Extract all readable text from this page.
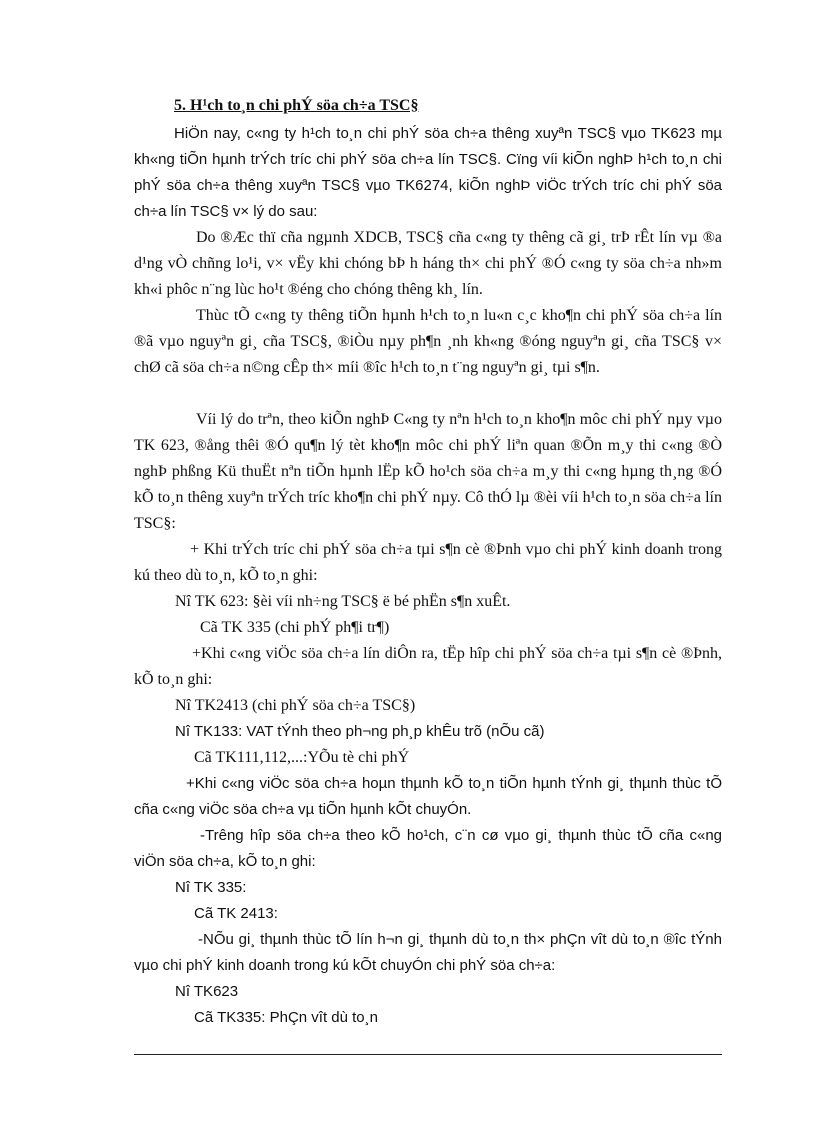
5. H¹ch to¸n chi phÝ söa ch÷a TSC§
HiÖn nay, c«ng ty h¹ch to¸n chi phÝ söa ch÷a thêng xuyªn TSC§ vµo TK623 mµ kh«ng tiÕn hµnh trÝch tríc chi phÝ söa ch÷a lín TSC§. Cïng víi kiÕn nghÞ h¹ch to¸n chi phÝ söa ch÷a thêng xuyªn TSC§ vµo TK6274, kiÕn nghÞ viÖc trÝch tríc chi phÝ söa ch÷a lín TSC§ v× lý do sau:
Do ®Æc thï cña ngµnh XDCB, TSC§ cña c«ng ty thêng cã gi¸ trÞ rÊt lín vµ ®a d¹ng vÒ chñng lo¹i, v× vËy khi chóng bÞ h háng th× chi phÝ ®Ó c«ng ty söa ch÷a nh»m kh«i phôc n¨ng lùc ho¹t ®éng cho chóng thêng kh¸ lín.
Thùc tÕ c«ng ty thêng tiÕn hµnh h¹ch to¸n lu«n c¸c kho¶n chi phÝ söa ch÷a lín ®ã vµo nguyªn gi¸ cña TSC§, ®iÒu nµy ph¶n ¸nh kh«ng ®óng nguyªn gi¸ cña TSC§ v× chØ cã söa ch÷a n©ng cÊp th× míi ®îc h¹ch to¸n t¨ng nguyªn gi¸ tµi s¶n.
Víi lý do trªn, theo kiÕn nghÞ C«ng ty nªn h¹ch to¸n kho¶n môc chi phÝ nµy vµo TK 623, ®ång thêi ®Ó qu¶n lý tèt kho¶n môc chi phÝ liªn quan ®Õn m¸y thi c«ng ®Ò nghÞ phßng Kü thuËt nªn tiÕn hµnh lËp kÕ ho¹ch söa ch÷a m¸y thi c«ng hµng th¸ng ®Ó kÕ to¸n thêng xuyªn trÝch tríc kho¶n chi phÝ nµy. Cô thÓ lµ ®èi víi h¹ch to¸n söa ch÷a lín TSC§:
+ Khi trÝch tríc chi phÝ söa ch÷a tµi s¶n cè ®Þnh vµo chi phÝ kinh doanh trong kú theo dù to¸n, kÕ to¸n ghi:
Nî TK 623: §èi víi nh÷ng TSC§ ë bé phËn s¶n xuÊt.
Cã TK 335 (chi phÝ ph¶i tr¶)
+Khi c«ng viÖc söa ch÷a lín diÔn ra, tËp hîp chi phÝ söa ch÷a tµi s¶n cè ®Þnh, kÕ to¸n ghi:
Nî TK2413 (chi phÝ söa ch÷a TSC§)
Nî TK133: VAT tÝnh theo ph¬ng ph¸p khÊu trõ (nÕu cã)
Cã TK111,112,...:YÕu tè chi phÝ
+Khi c«ng viÖc söa ch÷a hoµn thµnh kÕ to¸n tiÕn hµnh tÝnh gi¸ thµnh thùc tÕ cña c«ng viÖc söa ch÷a vµ tiÕn hµnh kÕt chuyÓn.
-Trêng hîp söa ch÷a theo kÕ ho¹ch, c¨n cø vµo gi¸ thµnh thùc tÕ cña c«ng viÖn söa ch÷a, kÕ to¸n ghi:
Nî TK 335:
Cã TK 2413:
-NÕu gi¸ thµnh thùc tÕ lín h¬n gi¸ thµnh dù to¸n th× phÇn vît dù to¸n ®îc tÝnh vµo chi phÝ kinh doanh trong kú kÕt chuyÓn chi phÝ söa ch÷a:
Nî TK623
Cã TK335: PhÇn vît dù to¸n
